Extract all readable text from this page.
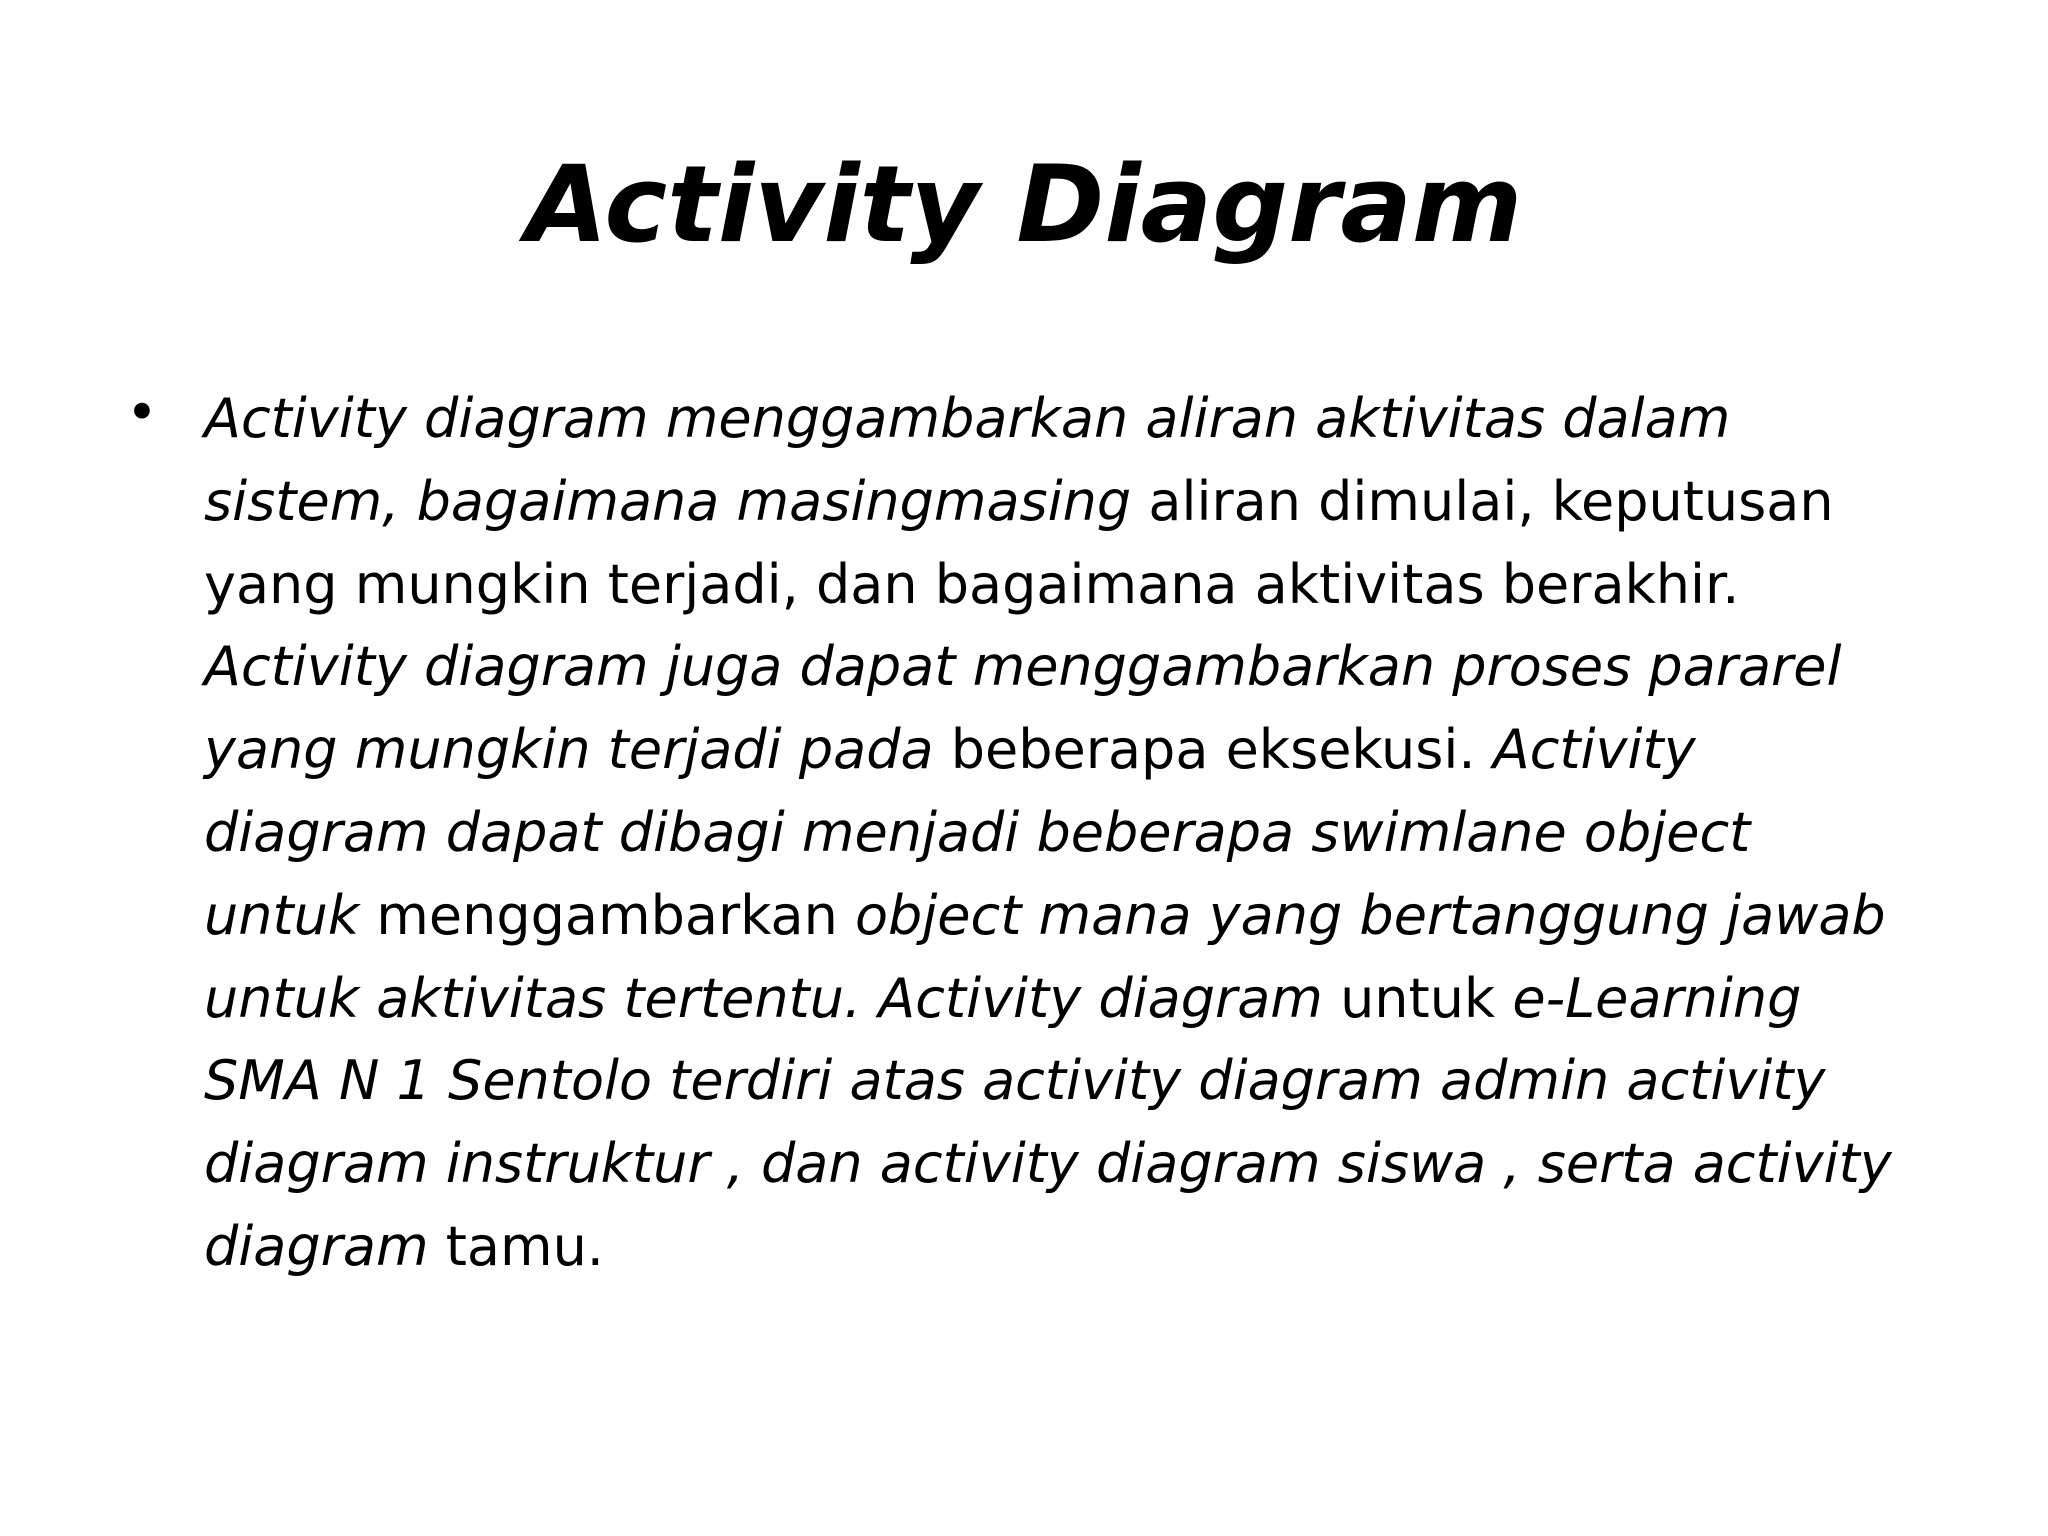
Activity Diagram
• Activity diagram menggambarkan aliran aktivitas dalam
sistem, bagaimana masingmasing aliran dimulai, keputusan
yang mungkin terjadi, dan bagaimana aktivitas berakhir.
Activity diagram juga dapat menggambarkan proses pararel
yang mungkin terjadi pada beberapa eksekusi. Activity
diagram dapat dibagi menjadi beberapa swimlane object
untuk menggambarkan object mana yang bertanggung jawab
untuk aktivitas tertentu. Activity diagram untuk e-Learning
SMA N 1 Sentolo terdiri atas activity diagram admin activity
diagram instruktur , dan activity diagram siswa , serta activity
diagram tamu.
